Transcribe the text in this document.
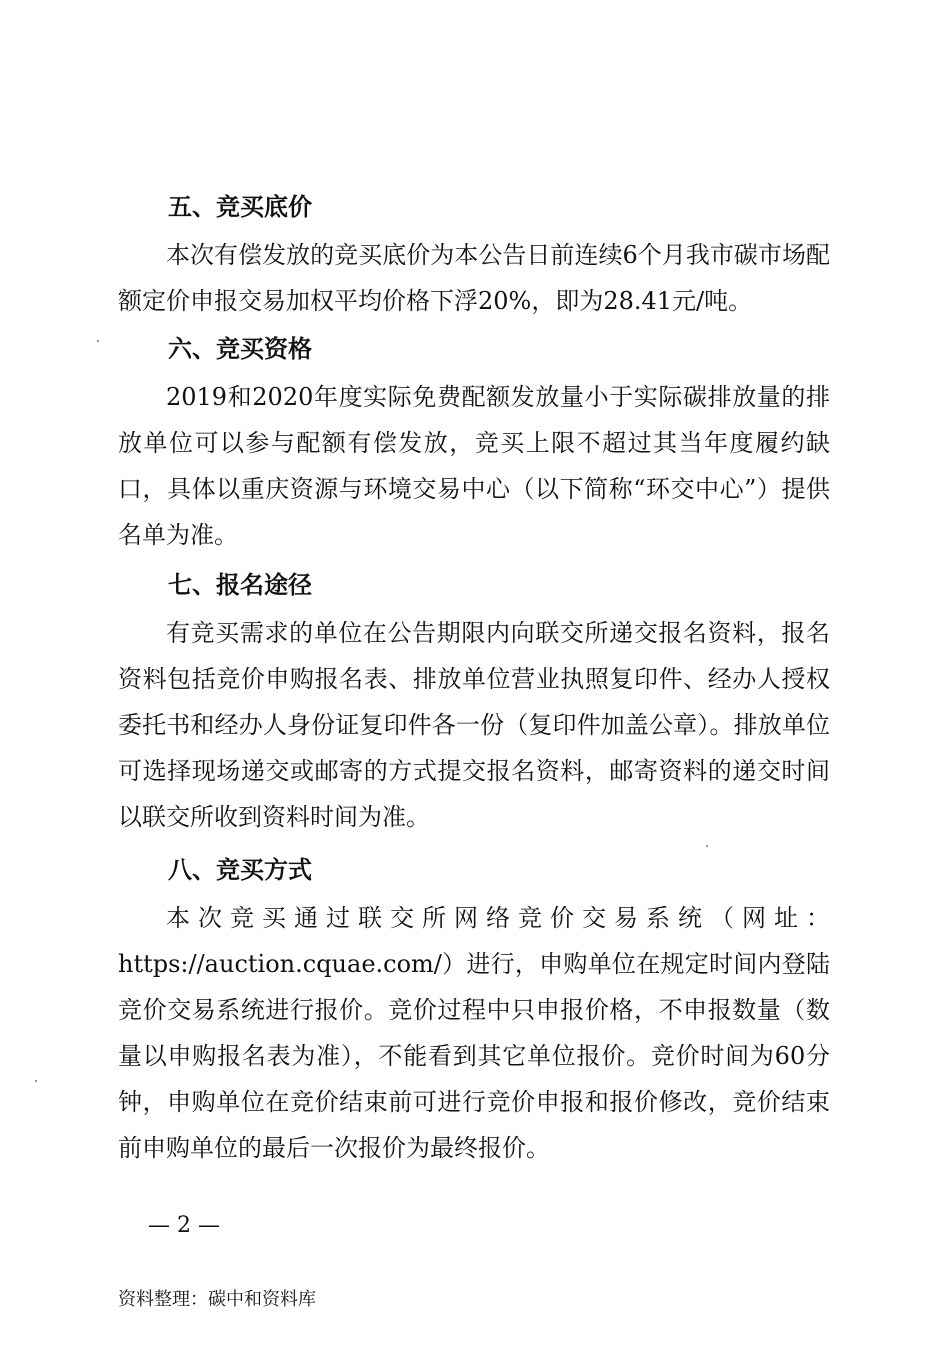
五、竞买底价
本次有偿发放的竞买底价为本公告日前连续6个月我市碳市场配额定价申报交易加权平均价格下浮20%，即为28.41元/吨。
六、竞买资格
2019和2020年度实际免费配额发放量小于实际碳排放量的排放单位可以参与配额有偿发放，竞买上限不超过其当年度履约缺口，具体以重庆资源与环境交易中心（以下简称“环交中心”）提供名单为准。
七、报名途径
有竞买需求的单位在公告期限内向联交所递交报名资料，报名资料包括竞价申购报名表、排放单位营业执照复印件、经办人授权委托书和经办人身份证复印件各一份（复印件加盖公章）。排放单位可选择现场递交或邮寄的方式提交报名资料，邮寄资料的递交时间以联交所收到资料时间为准。
八、竞买方式
本次竞买通过联交所网络竞价交易系统（网址：https://auction.cquae.com/）进行，申购单位在规定时间内登陆竞价交易系统进行报价。竞价过程中只申报价格，不申报数量（数量以申购报名表为准），不能看到其它单位报价。竞价时间为60分钟，申购单位在竞价结束前可进行竞价申报和报价修改，竞价结束前申购单位的最后一次报价为最终报价。
— 2 —
资料整理：碳中和资料库
